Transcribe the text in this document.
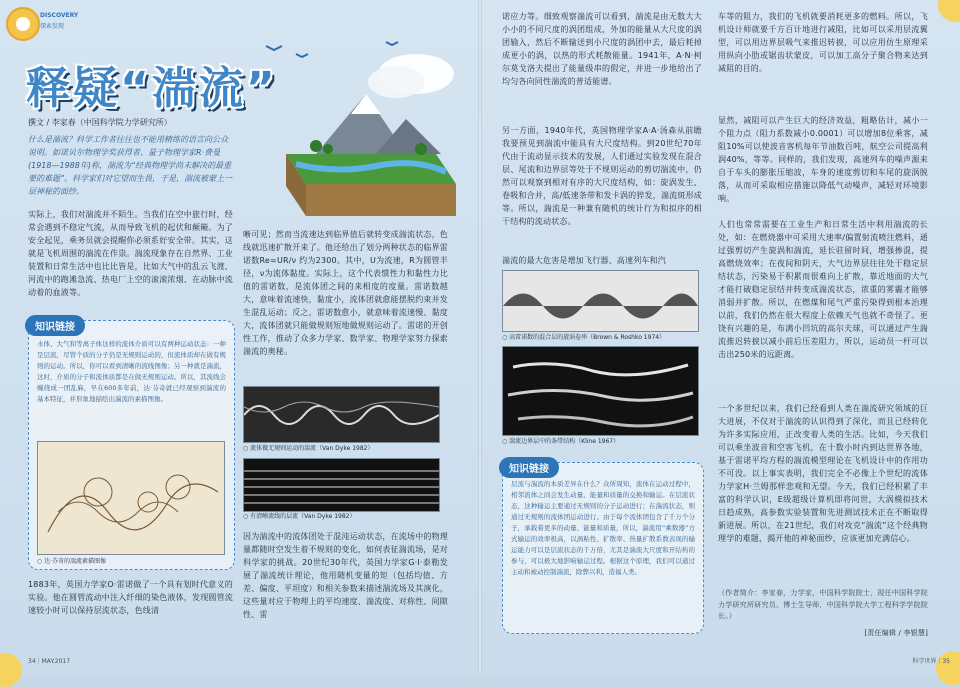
DISCOVERY
探索发现
释疑“湍流”
撰文 / 李家春（中国科学院力学研究所）
什么是湍流？科学工作者往往也不能用精练的语言向公众说明。如诺贝尔物理学奖获得者、量子物理学家R·费曼(1918—1988年)称，湍流为“经典物理学尚未解决的最重要的难题”。科学家们对它望而生畏，于是，湍流被蒙上一层神秘的面纱。
实际上，我们对湍流并不陌生。当我们在空中旅行时，经常会遇到不稳定气流，从而导致飞机的起伏和颠簸。为了安全起见，乘务员就会提醒你必须系好安全带。其实，这就是飞机周围的湍流在作祟。湍流现象存在自然界、工业装置和日常生活中也比比皆是，比如大气中的乱云飞渡、河流中的跑滩急流、热电厂上空的滚滚浓烟、在动脉中流动着的血液等。
知识链接
水体、大气和等离子体这样的流体介质可以有两种运动状态：一种是层流，尽管个质的分子仍是无规则运动的，但流体质却在做有规则的运动。所以，你可以看到清晰的流线图像；另一种就是湍流，这时，介质的分子和流体质都是在做无规则运动。所以，其流线会缠绕成一团乱麻，早在600多年前，达·芬奇就已经观察到湍流的基本特征，并形象地描绘出湍流的素描图像。
○ 达·芬奇的湍流素描图像
1883年，英国力学家O·雷诺做了一个具有划时代意义的实验。他在圆管流动中注入纤细的染色液体，发现圆管流速较小时可以保持层流状态，色线清
晰可见；然而当流速达到临界值后就转变成湍流状态，色线就迅速扩散开来了。他还给出了划分两种状态的临界雷诺数Re=UR/ν 约为2300。其中，U为流速，R为圆管半径，ν为流体黏度。实际上，这个代表惯性力和黏性力比值的雷诺数，是流体团之间的来相度的度量。雷诺数越大，意味着流速快，黏度小，流体团就愈能摆脱约束并发生混乱运动；反之，雷诺数愈小，就意味着流速慢、黏度大，流体团就只能做规则短地做规则运动了。雷诺的开创性工作，推动了众多力学家、数学家、物理学家努力探索湍流的奥秘。
○ 流体做无规则运动的湍流（Van Dyke 1982）
○ 有清晰流线的层流（Van Dyke 1982）
因为湍流中的流体团处于混沌运动状态，在流场中的物理量都随时空发生着不规则的变化，如何表征湍流场，是对科学家的挑战。20世纪30年代，英国力学家G·I·泰勒发展了湍流统计理论，他用随机变量的矩（包括均值、方差、偏度、平坦度）和相关参数来描述湍流场及其演化，这些量对应于物理上的平均速度、湍流度、对称性、间隙性、雷
34｜MAY.2017
诺应力等。细致观察湍流可以看到，湍流是由无数大大小小的不同尺度的涡团组成，外加的能量从大尺度的涡团输入，然后不断输送到小尺度的涡团中去，最后耗掉成更小的涡，以热的形式耗散能量。1941年，A·N·柯尔莫戈洛夫提出了能量级串的假定，并进一步地给出了均匀各向同性湍流的普适能谱。
另一方面，1940年代，英国物理学家A·A·汤森从前瞻我要预见到湍流中能具有大尺度结构。到20世纪70年代由于流动显示技术的发展，人们通过实验发现在混合层、尾流和边界层等处于不规则运动的剪切湍流中，仍然可以观察到相对有序的大尺度结构，如：旋涡发生、卷吸和合并，高/低速条带和发卡涡的猝发，湍流斑形成等。所以，湍流是一种兼有随机的统计行为和拟序的相干结构的流动状态。
湍流的最大危害是增加飞行器、高速列车和汽
○ 高雷诺数的混合层的旋涡卷串（Brown & Roshko 1974）
○ 湍流边界层中的条带结构（Kline 1967）
知识链接
层流与湍流的本质差异在什么？众所周知，流体在运动过程中，相邻流体之间会发生动量、能量和质量的交换和输运。在层流状态，这种输运主要通过无规则的分子运动进行；在湍流状态，则通过无规则的流体团运动进行。由于每个流体团包含了千万个分子，承载着更多的动量、能量和质量，所以，湍流用“乘数器”方式输运的效率极高，以涡粘性、扩散率、热量扩散系数表现的输运能力可以是层流状态的千万倍，尤其是湍流大尺度和开结构的参与，可以极大地影响输运过程。根据这个原理，我们可以通过主动和被动控制湍流，除弊兴利，造福人类。
车等的阻力，我们的飞机就要消耗更多的燃料。所以，飞机设计师就要千方百计地进行减阻，比如可以采用层流翼型，可以用边界层吸气来推迟转捩，可以应用仿生原理采用纵向小肋或锯齿状蒙皮，可以加工高分子聚合物来达到减阻的目的。
显然，减阻可以产生巨大的经济效益，粗略估计，减小一个阻力点（阻力系数减小0.0001）可以增加8位乘客，减阻10%可以使波音客机每年节油数百吨，航空公司提高利润40%，等等。同样的，我们发现，高速列车的噪声源来自于车头的膨胀压缩波，车身的速度剪切和车尾的旋涡脱落，从而可采取相应措施以降低气动噪声，减轻对环境影响。
人们也常常需要在工业生产和日常生活中利用湍流的长处，如：在燃烧器中可采用大速率/偏置射流喷注燃料，通过强剪切产生旋涡和湍流，延长驻留时间，增强掺混，提高燃烧效率；在夜间和阴天，大气边界层往往处于稳定层结状态，污染易于积累而很难向上扩散，靠近地面的大气才能打破稳定层结并转变成湍流状态，浓重的雾霾才能够消弱并扩散。所以，在燃煤和尾气严重污染得到根本治理以前，我们仍然在很大程度上依赖天气也就不奇怪了。更饶有兴趣的是，布满小凹坑的高尔夫球，可以通过产生湍流推迟转捩以减小前后压差阻力，所以，运动员一杆可以击出250米的远距离。
一个多世纪以来，我们已经看到人类在湍流研究领域的巨大进展，不仅对于湍流的认识得到了深化，而且已经转化为许多实际应用，正改变着人类的生活。比如，今天我们可以乘坐波音和空客飞机，在十数小时内到达世界各地，基于雷诺平均方程的湍流模型理论在飞机设计中的作用功不可没。以上事实表明，我们完全不必像上个世纪的流体力学家H·兰姆那样悲观和无望。今天，我们已经积累了丰富的科学认识，E级超级计算机即将问世，大涡模拟技术日趋成熟，高参数实验装置和先进测试技术正在不断取得新进展。所以，在21世纪，我们对攻克“湍流”这个经典物理学的难题，揭开他的神秘面纱，应该更加充满信心。
（作者简介：李家春，力学家，中国科学院院士，现任中国科学院力学研究所研究员、博士生导师，中国科学院大学工程科学学院院长。）
[责任编辑 / 李银慧]
科学世界｜35
